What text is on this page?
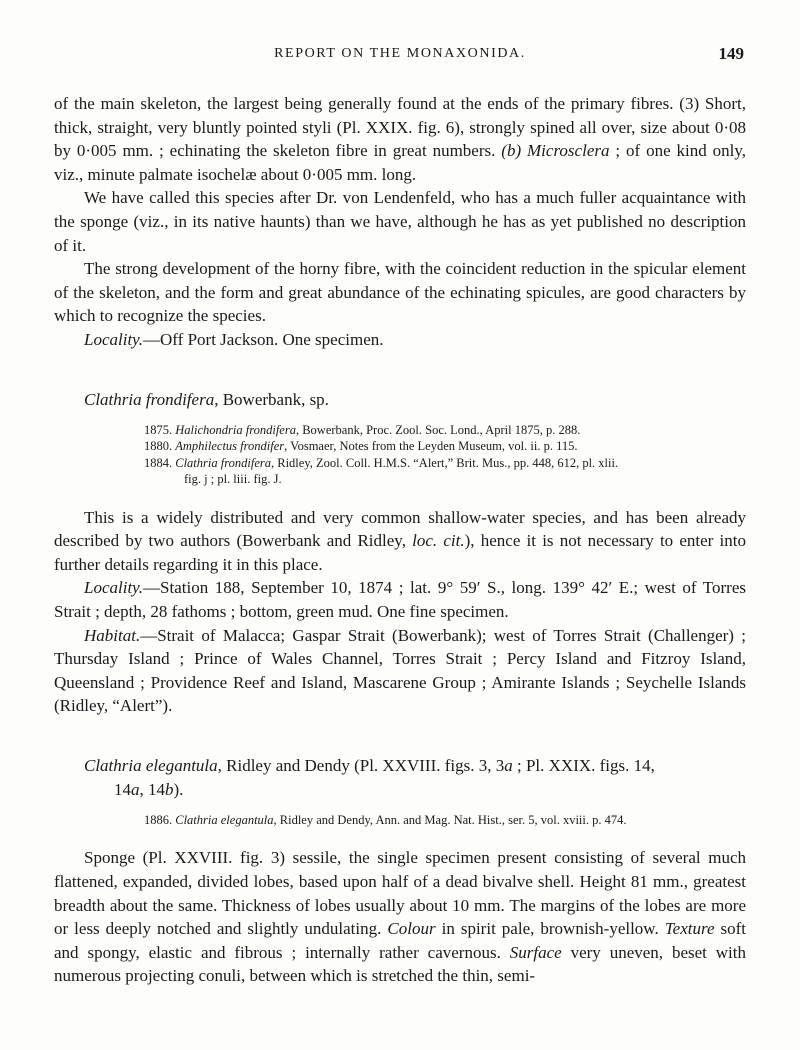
REPORT ON THE MONAXONIDA.	149

of the main skeleton, the largest being generally found at the ends of the primary fibres. (3) Short, thick, straight, very bluntly pointed styli (Pl. XXIX. fig. 6), strongly spined all over, size about 0·08 by 0·005 mm. ; echinating the skeleton fibre in great numbers. (b) Microsclera ; of one kind only, viz., minute palmate isochelæ about 0·005 mm. long.

We have called this species after Dr. von Lendenfeld, who has a much fuller acquaintance with the sponge (viz., in its native haunts) than we have, although he has as yet published no description of it.

The strong development of the horny fibre, with the coincident reduction in the spicular element of the skeleton, and the form and great abundance of the echinating spicules, are good characters by which to recognize the species.

Locality.—Off Port Jackson. One specimen.

Clathria frondifera, Bowerbank, sp.

1875. Halichondria frondifera, Bowerbank, Proc. Zool. Soc. Lond., April 1875, p. 288.

1880. Amphilectus frondifer, Vosmaer, Notes from the Leyden Museum, vol. ii. p. 115.

1884. Clathria frondifera, Ridley, Zool. Coll. H.M.S. “Alert,” Brit. Mus., pp. 448, 612, pl. xlii.

fig. j ; pl. liii. fig. J.

This is a widely distributed and very common shallow-water species, and has been already described by two authors (Bowerbank and Ridley, loc. cit.), hence it is not necessary to enter into further details regarding it in this place.

Locality.—Station 188, September 10, 1874 ; lat. 9° 59′ S., long. 139° 42′ E.; west of Torres Strait ; depth, 28 fathoms ; bottom, green mud. One fine specimen.

Habitat.—Strait of Malacca; Gaspar Strait (Bowerbank); west of Torres Strait (Challenger) ; Thursday Island ; Prince of Wales Channel, Torres Strait ; Percy Island and Fitzroy Island, Queensland ; Providence Reef and Island, Mascarene Group ; Amirante Islands ; Seychelle Islands (Ridley, “Alert”).

Clathria elegantula, Ridley and Dendy (Pl. XXVIII. figs. 3, 3a ; Pl. XXIX. figs. 14,
14a, 14b).

1886. Clathria elegantula, Ridley and Dendy, Ann. and Mag. Nat. Hist., ser. 5, vol. xviii. p. 474.

Sponge (Pl. XXVIII. fig. 3) sessile, the single specimen present consisting of several much flattened, expanded, divided lobes, based upon half of a dead bivalve shell. Height 81 mm., greatest breadth about the same. Thickness of lobes usually about 10 mm. The margins of the lobes are more or less deeply notched and slightly undulating. Colour in spirit pale, brownish-yellow. Texture soft and spongy, elastic and fibrous ; internally rather cavernous. Surface very uneven, beset with numerous projecting conuli, between which is stretched the thin, semi-
